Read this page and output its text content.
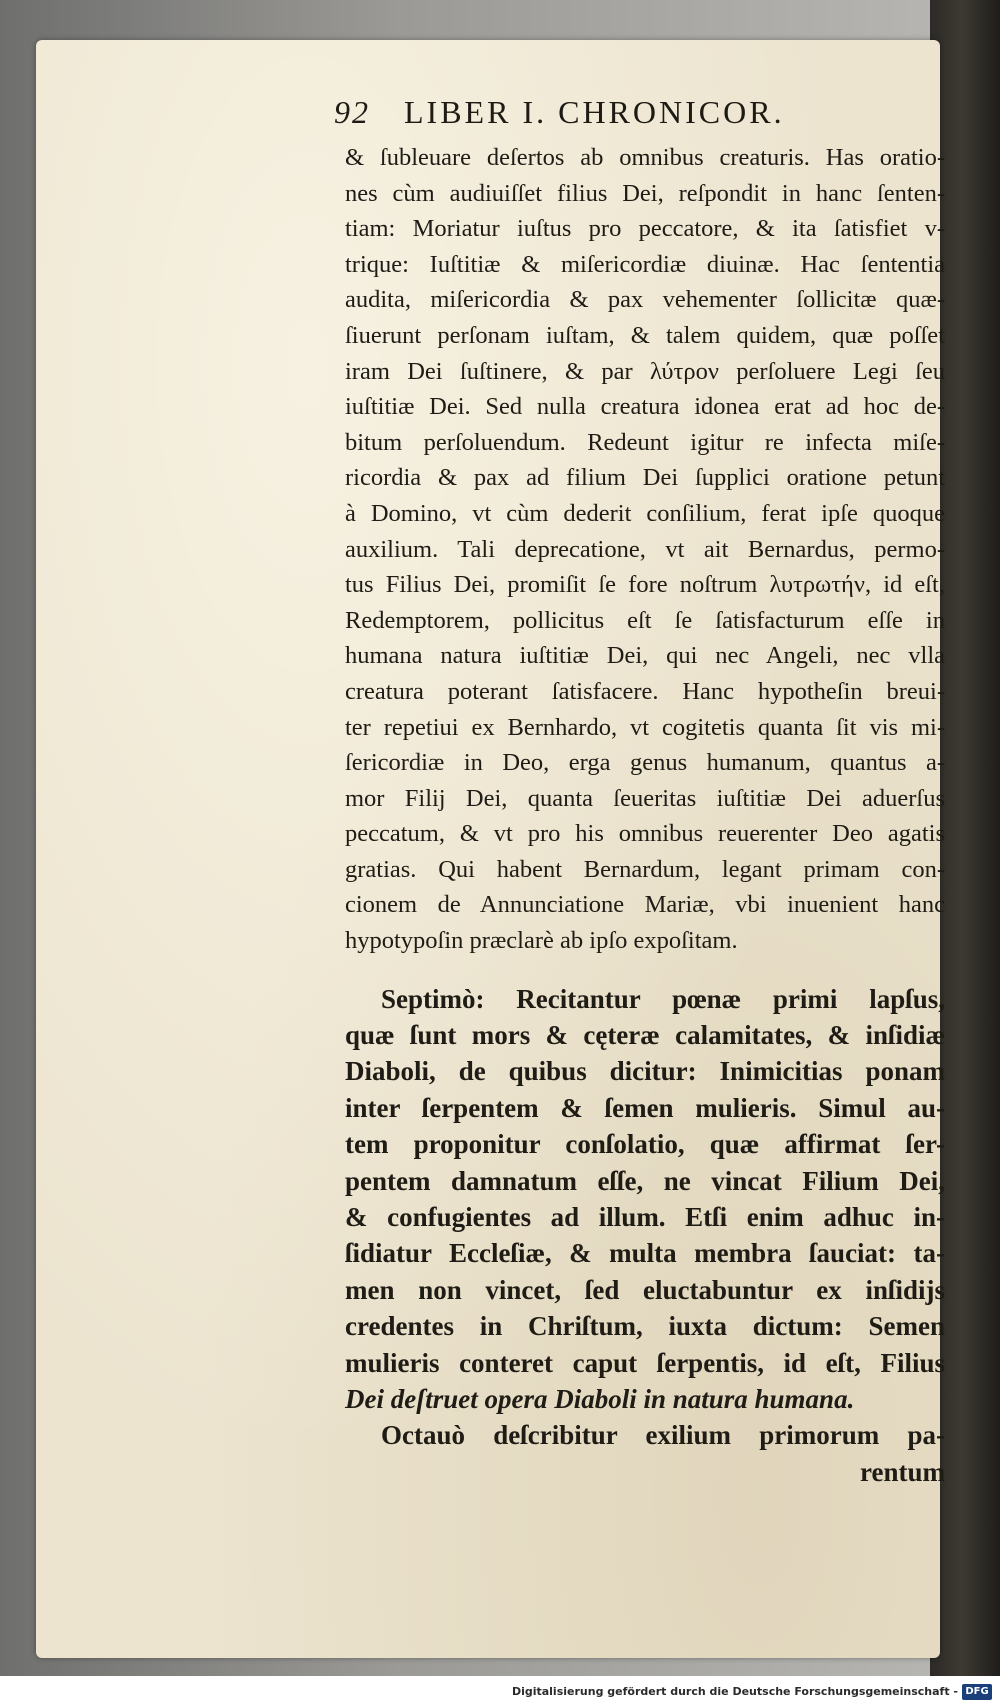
92 LIBER I. CHRONICOR.
& ſubleuare deſertos ab omnibus creaturis. Has oratio-
nes cùm audiuiſſet filius Dei, reſpondit in hanc ſenten-
tiam: Moriatur iuſtus pro peccatore, & ita ſatisfiet v-
trique: Iuſtitiæ & miſericordiæ diuinæ. Hac ſententia
audita, miſericordia & pax vehementer ſollicitæ quæ-
ſiuerunt perſonam iuſtam, & talem quidem, quæ poſſet
iram Dei ſuſtinere, & par λύτρον perſoluere Legi ſeu
iuſtitiæ Dei. Sed nulla creatura idonea erat ad hoc de-
bitum perſoluendum. Redeunt igitur re infecta miſe-
ricordia & pax ad filium Dei ſupplici oratione petunt
à Domino, vt cùm dederit conſilium, ferat ipſe quoque
auxilium. Tali deprecatione, vt ait Bernardus, permo-
tus Filius Dei, promiſit ſe fore noſtrum λυτρωτήν, id eſt,
Redemptorem, pollicitus eſt ſe ſatisfacturum eſſe in
humana natura iuſtitiæ Dei, qui nec Angeli, nec vlla
creatura poterant ſatisfacere. Hanc hypotheſin breui-
ter repetiui ex Bernhardo, vt cogitetis quanta ſit vis mi-
ſericordiæ in Deo, erga genus humanum, quantus a-
mor Filij Dei, quanta ſeueritas iuſtitiæ Dei aduerſus
peccatum, & vt pro his omnibus reuerenter Deo agatis
gratias. Qui habent Bernardum, legant primam con-
cionem de Annunciatione Mariæ, vbi inuenient hanc
hypotypoſin præclarè ab ipſo expoſitam.
Septimò: Recitantur pœnæ primi lapſus,
quæ ſunt mors & cęteræ calamitates, & inſidiæ
Diaboli, de quibus dicitur: Inimicitias ponam
inter ſerpentem & ſemen mulieris. Simul au-
tem proponitur conſolatio, quæ affirmat ſer-
pentem damnatum eſſe, ne vincat Filium Dei,
& confugientes ad illum. Etſi enim adhuc in-
ſidiatur Eccleſiæ, & multa membra ſauciat: ta-
men non vincet, ſed eluctabuntur ex inſidijs
credentes in Chriſtum, iuxta dictum: Semen
mulieris conteret caput ſerpentis, id eſt, Filius
Dei deſtruet opera Diaboli in natura humana.
Octauò deſcribitur exilium primorum pa-
rentum
Digitalisierung gefördert durch die Deutsche Forschungsgemeinschaft - DFG
